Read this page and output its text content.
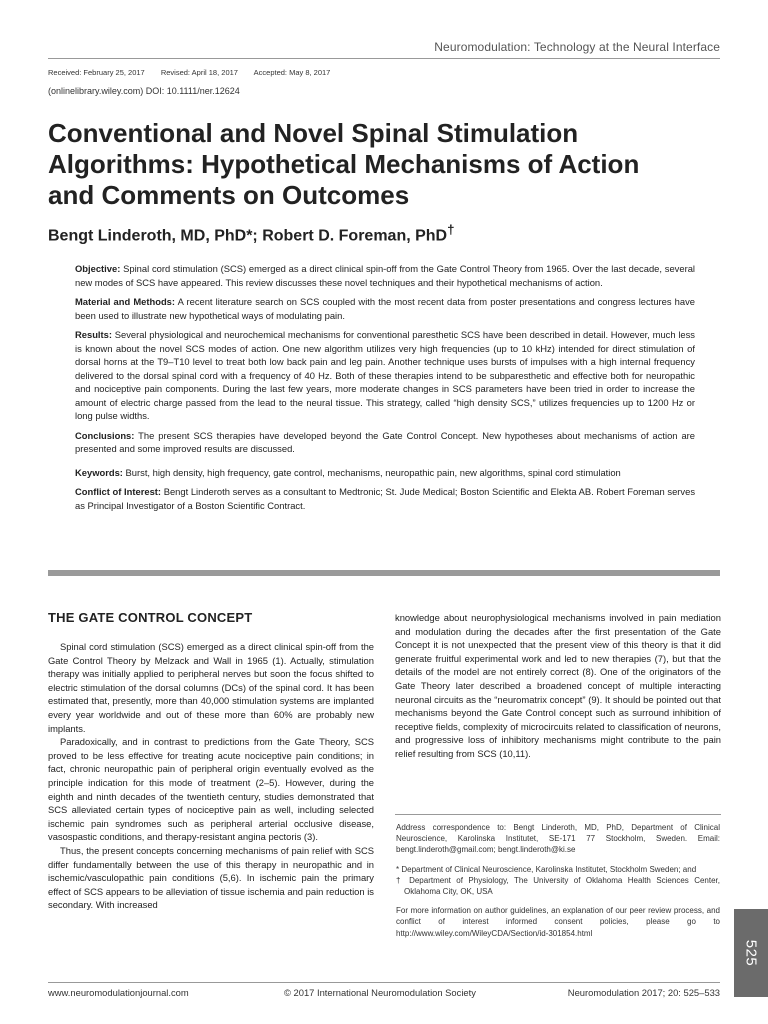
Neuromodulation: Technology at the Neural Interface
Received: February 25, 2017 Revised: April 18, 2017 Accepted: May 8, 2017
(onlinelibrary.wiley.com) DOI: 10.1111/ner.12624
Conventional and Novel Spinal Stimulation Algorithms: Hypothetical Mechanisms of Action and Comments on Outcomes
Bengt Linderoth, MD, PhD*; Robert D. Foreman, PhD†

Objective: Spinal cord stimulation (SCS) emerged as a direct clinical spin-off from the Gate Control Theory from 1965. Over the last decade, several new modes of SCS have appeared. This review discusses these novel techniques and their hypothetical mechanisms of action.

Material and Methods: A recent literature search on SCS coupled with the most recent data from poster presentations and congress lectures have been used to illustrate new hypothetical ways of modulating pain.

Results: Several physiological and neurochemical mechanisms for conventional paresthetic SCS have been described in detail. However, much less is known about the novel SCS modes of action. One new algorithm utilizes very high frequencies (up to 10 kHz) intended for direct stimulation of dorsal horns at the T9–T10 level to treat both low back pain and leg pain. Another technique uses bursts of impulses with a high internal frequency delivered to the dorsal spinal cord with a frequency of 40 Hz. Both of these therapies intend to be subparesthetic and effective both for neuropathic and nociceptive pain components. During the last few years, more moderate changes in SCS parameters have been tried in order to increase the amount of electric charge passed from the lead to the neural tissue. This strategy, called “high density SCS,” utilizes frequencies up to 1200 Hz or long pulse widths.

Conclusions: The present SCS therapies have developed beyond the Gate Control Concept. New hypotheses about mechanisms of action are presented and some improved results are discussed.

Keywords: Burst, high density, high frequency, gate control, mechanisms, neuropathic pain, new algorithms, spinal cord stimulation

Conflict of Interest: Bengt Linderoth serves as a consultant to Medtronic; St. Jude Medical; Boston Scientific and Elekta AB. Robert Foreman serves as Principal Investigator of a Boston Scientific Contract.

THE GATE CONTROL CONCEPT

Spinal cord stimulation (SCS) emerged as a direct clinical spin-off from the Gate Control Theory by Melzack and Wall in 1965 (1). Actually, stimulation therapy was initially applied to peripheral nerves but soon the focus shifted to electric stimulation of the dorsal columns (DCs) of the spinal cord. It has been estimated that, presently, more than 40,000 stimulation systems are implanted every year worldwide and out of these more than 60% are probably new implants.

Paradoxically, and in contrast to predictions from the Gate Theory, SCS proved to be less effective for treating acute nociceptive pain conditions; in fact, chronic neuropathic pain of peripheral origin eventually evolved as the principle indication for this mode of treatment (2–5). However, during the eighth and ninth decades of the twentieth century, studies demonstrated that SCS alleviated certain types of nociceptive pain as well, including selected ischemic pain syndromes such as peripheral arterial occlusive disease, vasospastic conditions, and therapy-resistant angina pectoris (3).

Thus, the present concepts concerning mechanisms of pain relief with SCS differ fundamentally between the use of this therapy in neuropathic and in ischemic/vasculopathic pain conditions (5,6). In ischemic pain the primary effect of SCS appears to be alleviation of tissue ischemia and pain reduction is secondary. With increased

knowledge about neurophysiological mechanisms involved in pain mediation and modulation during the decades after the first presentation of the Gate Concept it is not unexpected that the present view of this theory is that it did generate fruitful experimental work and led to new therapies (7), but that the details of the model are not entirely correct (8). One of the originators of the Gate Theory later described a broadened concept of multiple interacting neuronal circuits as the “neuromatrix concept” (9). It should be pointed out that mechanisms beyond the Gate Control concept such as surround inhibition of receptive fields, complexity of microcircuits related to classification of neurons, and progressive loss of inhibitory mechanisms might contribute to the pain relief resulting from SCS (10,11).

Address correspondence to: Bengt Linderoth, MD, PhD, Department of Clinical Neuroscience, Karolinska Institutet, SE-171 77 Stockholm, Sweden. Email: bengt.linderoth@gmail.com; bengt.linderoth@ki.se

* Department of Clinical Neuroscience, Karolinska Institutet, Stockholm Sweden; and

† Department of Physiology, The University of Oklahoma Health Sciences Center, Oklahoma City, OK, USA

For more information on author guidelines, an explanation of our peer review process, and conflict of interest informed consent policies, please go to http://www.wiley.com/WileyCDA/Section/id-301854.html

525
www.neuromodulationjournal.com	© 2017 International Neuromodulation Society	Neuromodulation 2017; 20: 525–533
